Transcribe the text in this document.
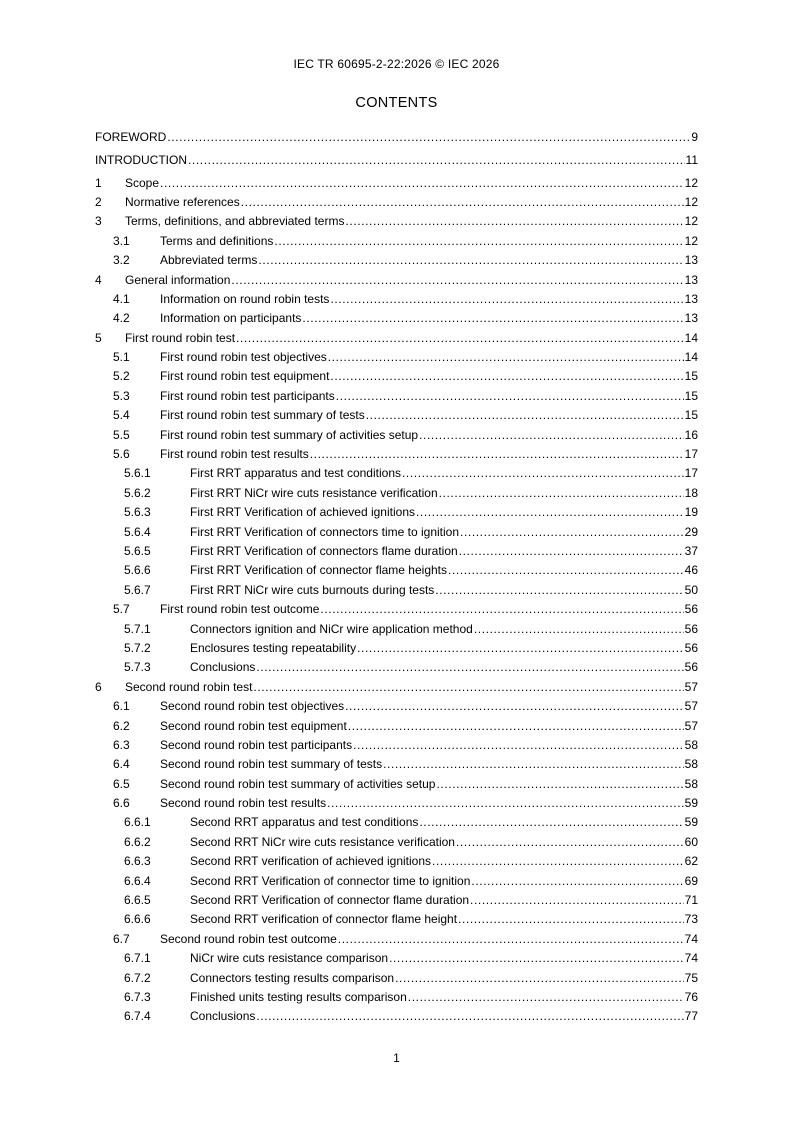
IEC TR 60695-2-22:2026 © IEC 2026
CONTENTS
FOREWORD .....	9
INTRODUCTION .....	11
1	Scope .....	12
2	Normative references .....	12
3	Terms, definitions, and abbreviated terms .....	12
3.1	Terms and definitions .....	12
3.2	Abbreviated terms .....	13
4	General information .....	13
4.1	Information on round robin tests .....	13
4.2	Information on participants .....	13
5	First round robin test .....	14
5.1	First round robin test objectives .....	14
5.2	First round robin test equipment .....	15
5.3	First round robin test participants .....	15
5.4	First round robin test summary of tests .....	15
5.5	First round robin test summary of activities setup .....	16
5.6	First round robin test results .....	17
5.6.1	First RRT apparatus and test conditions .....	17
5.6.2	First RRT NiCr wire cuts resistance verification .....	18
5.6.3	First RRT Verification of achieved ignitions .....	19
5.6.4	First RRT Verification of connectors time to ignition .....	29
5.6.5	First RRT Verification of connectors flame duration .....	37
5.6.6	First RRT Verification of connector flame heights .....	46
5.6.7	First RRT NiCr wire cuts burnouts during tests .....	50
5.7	First round robin test outcome .....	56
5.7.1	Connectors ignition and NiCr wire application method .....	56
5.7.2	Enclosures testing repeatability .....	56
5.7.3	Conclusions .....	56
6	Second round robin test .....	57
6.1	Second round robin test objectives .....	57
6.2	Second round robin test equipment .....	57
6.3	Second round robin test participants .....	58
6.4	Second round robin test summary of tests .....	58
6.5	Second round robin test summary of activities setup .....	58
6.6	Second round robin test results .....	59
6.6.1	Second RRT apparatus and test conditions .....	59
6.6.2	Second RRT NiCr wire cuts resistance verification .....	60
6.6.3	Second RRT verification of achieved ignitions .....	62
6.6.4	Second RRT Verification of connector time to ignition .....	69
6.6.5	Second RRT Verification of connector flame duration .....	71
6.6.6	Second RRT verification of connector flame height .....	73
6.7	Second round robin test outcome .....	74
6.7.1	NiCr wire cuts resistance comparison .....	74
6.7.2	Connectors testing results comparison .....	75
6.7.3	Finished units testing results comparison .....	76
6.7.4	Conclusions .....	77
1
